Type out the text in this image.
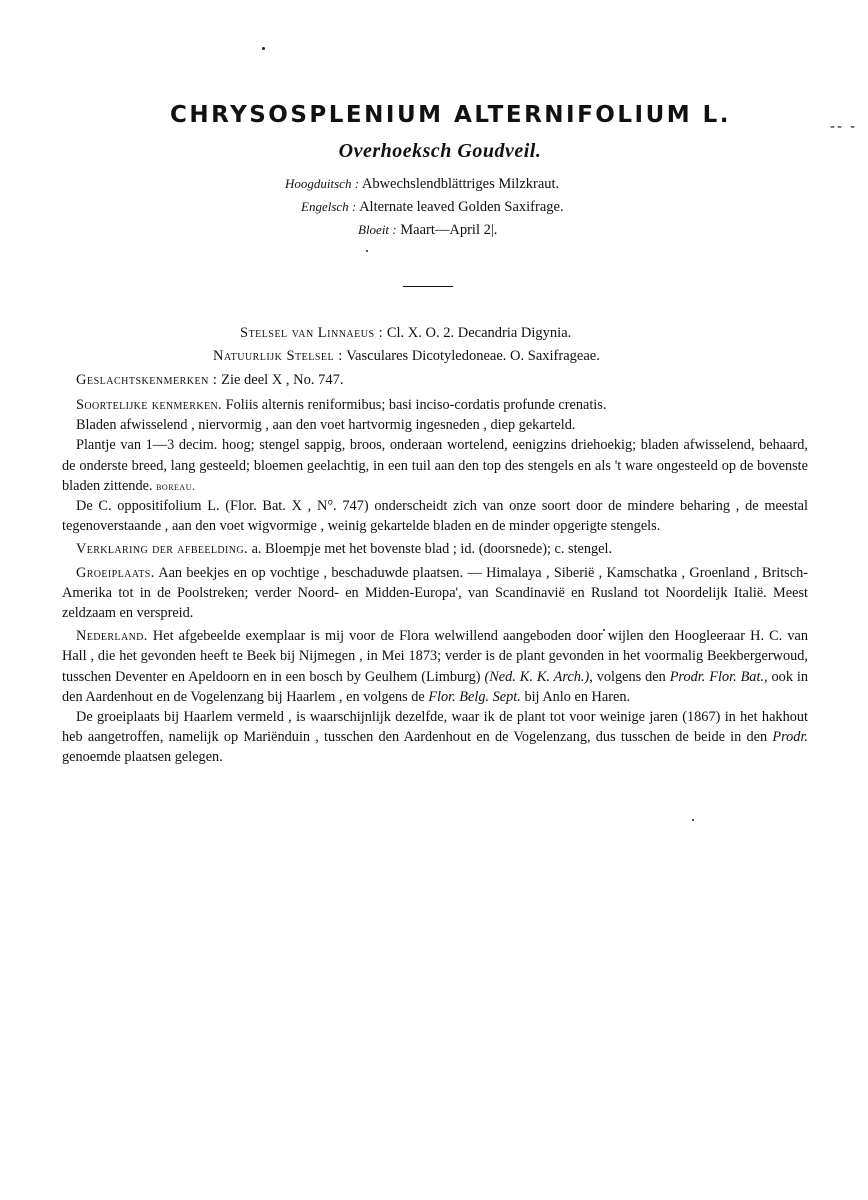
CHRYSOSPLENIUM ALTERNIFOLIUM L.	-- -
Overhoeksch Goudveil.
Hoogduitsch : Abwechslendblättriges Milzkraut.
Engelsch : Alternate leaved Golden Saxifrage.
Bloeit : Maart—April 2|.
Stelsel van Linnaeus : Cl. X. O. 2. Decandria Digynia.
Natuurlijk Stelsel : Vasculares Dicotyledoneae. O. Saxifrageae.
Geslachtskenmerken : Zie deel X , No. 747.

Soortelijke kenmerken. Foliis alternis reniformibus; basi inciso-cordatis profunde crenatis.

Bladen afwisselend , niervormig , aan den voet hartvormig ingesneden , diep gekarteld.

Plantje van 1—3 decim. hoog; stengel sappig, broos, onderaan wortelend, eenigzins driehoekig; bladen afwisselend, behaard, de onderste breed, lang gesteeld; bloemen geelachtig, in een tuil aan den top des stengels en als 't ware ongesteeld op de bovenste bladen zittende. boreau.

De C. oppositifolium L. (Flor. Bat. X , N°. 747) onderscheidt zich van onze soort door de mindere beharing , de meestal tegenoverstaande , aan den voet wigvormige , weinig gekartelde bladen en de minder opgerigte stengels.

Verklaring der afbeelding. a. Bloempje met het bovenste blad ; id. (doorsnede); c. stengel.

Groeiplaats. Aan beekjes en op vochtige , beschaduwde plaatsen. — Himalaya , Siberië , Kamschatka , Groenland , Britsch-Amerika tot in de Poolstreken; verder Noord- en Midden-Europa', van Scandinavië en Rusland tot Noordelijk Italië. Meest zeldzaam en verspreid.

Nederland. Het afgebeelde exemplaar is mij voor de Flora welwillend aangeboden door wijlen den Hoogleeraar H. C. van Hall , die het gevonden heeft te Beek bij Nijmegen , in Mei 1873; verder is de plant gevonden in het voormalig Beekbergerwoud, tusschen Deventer en Apeldoorn en in een bosch by Geulhem (Limburg) (Ned. K. K. Arch.), volgens den Prodr. Flor. Bat., ook in den Aardenhout en de Vogelenzang bij Haarlem , en volgens de Flor. Belg. Sept. bij Anlo en Haren.

De groeiplaats bij Haarlem vermeld , is waarschijnlijk dezelfde, waar ik de plant tot voor weinige jaren (1867) in het hakhout heb aangetroffen, namelijk op Mariënduin , tusschen den Aardenhout en de Vogelenzang, dus tusschen de beide in den Prodr. genoemde plaatsen gelegen.
